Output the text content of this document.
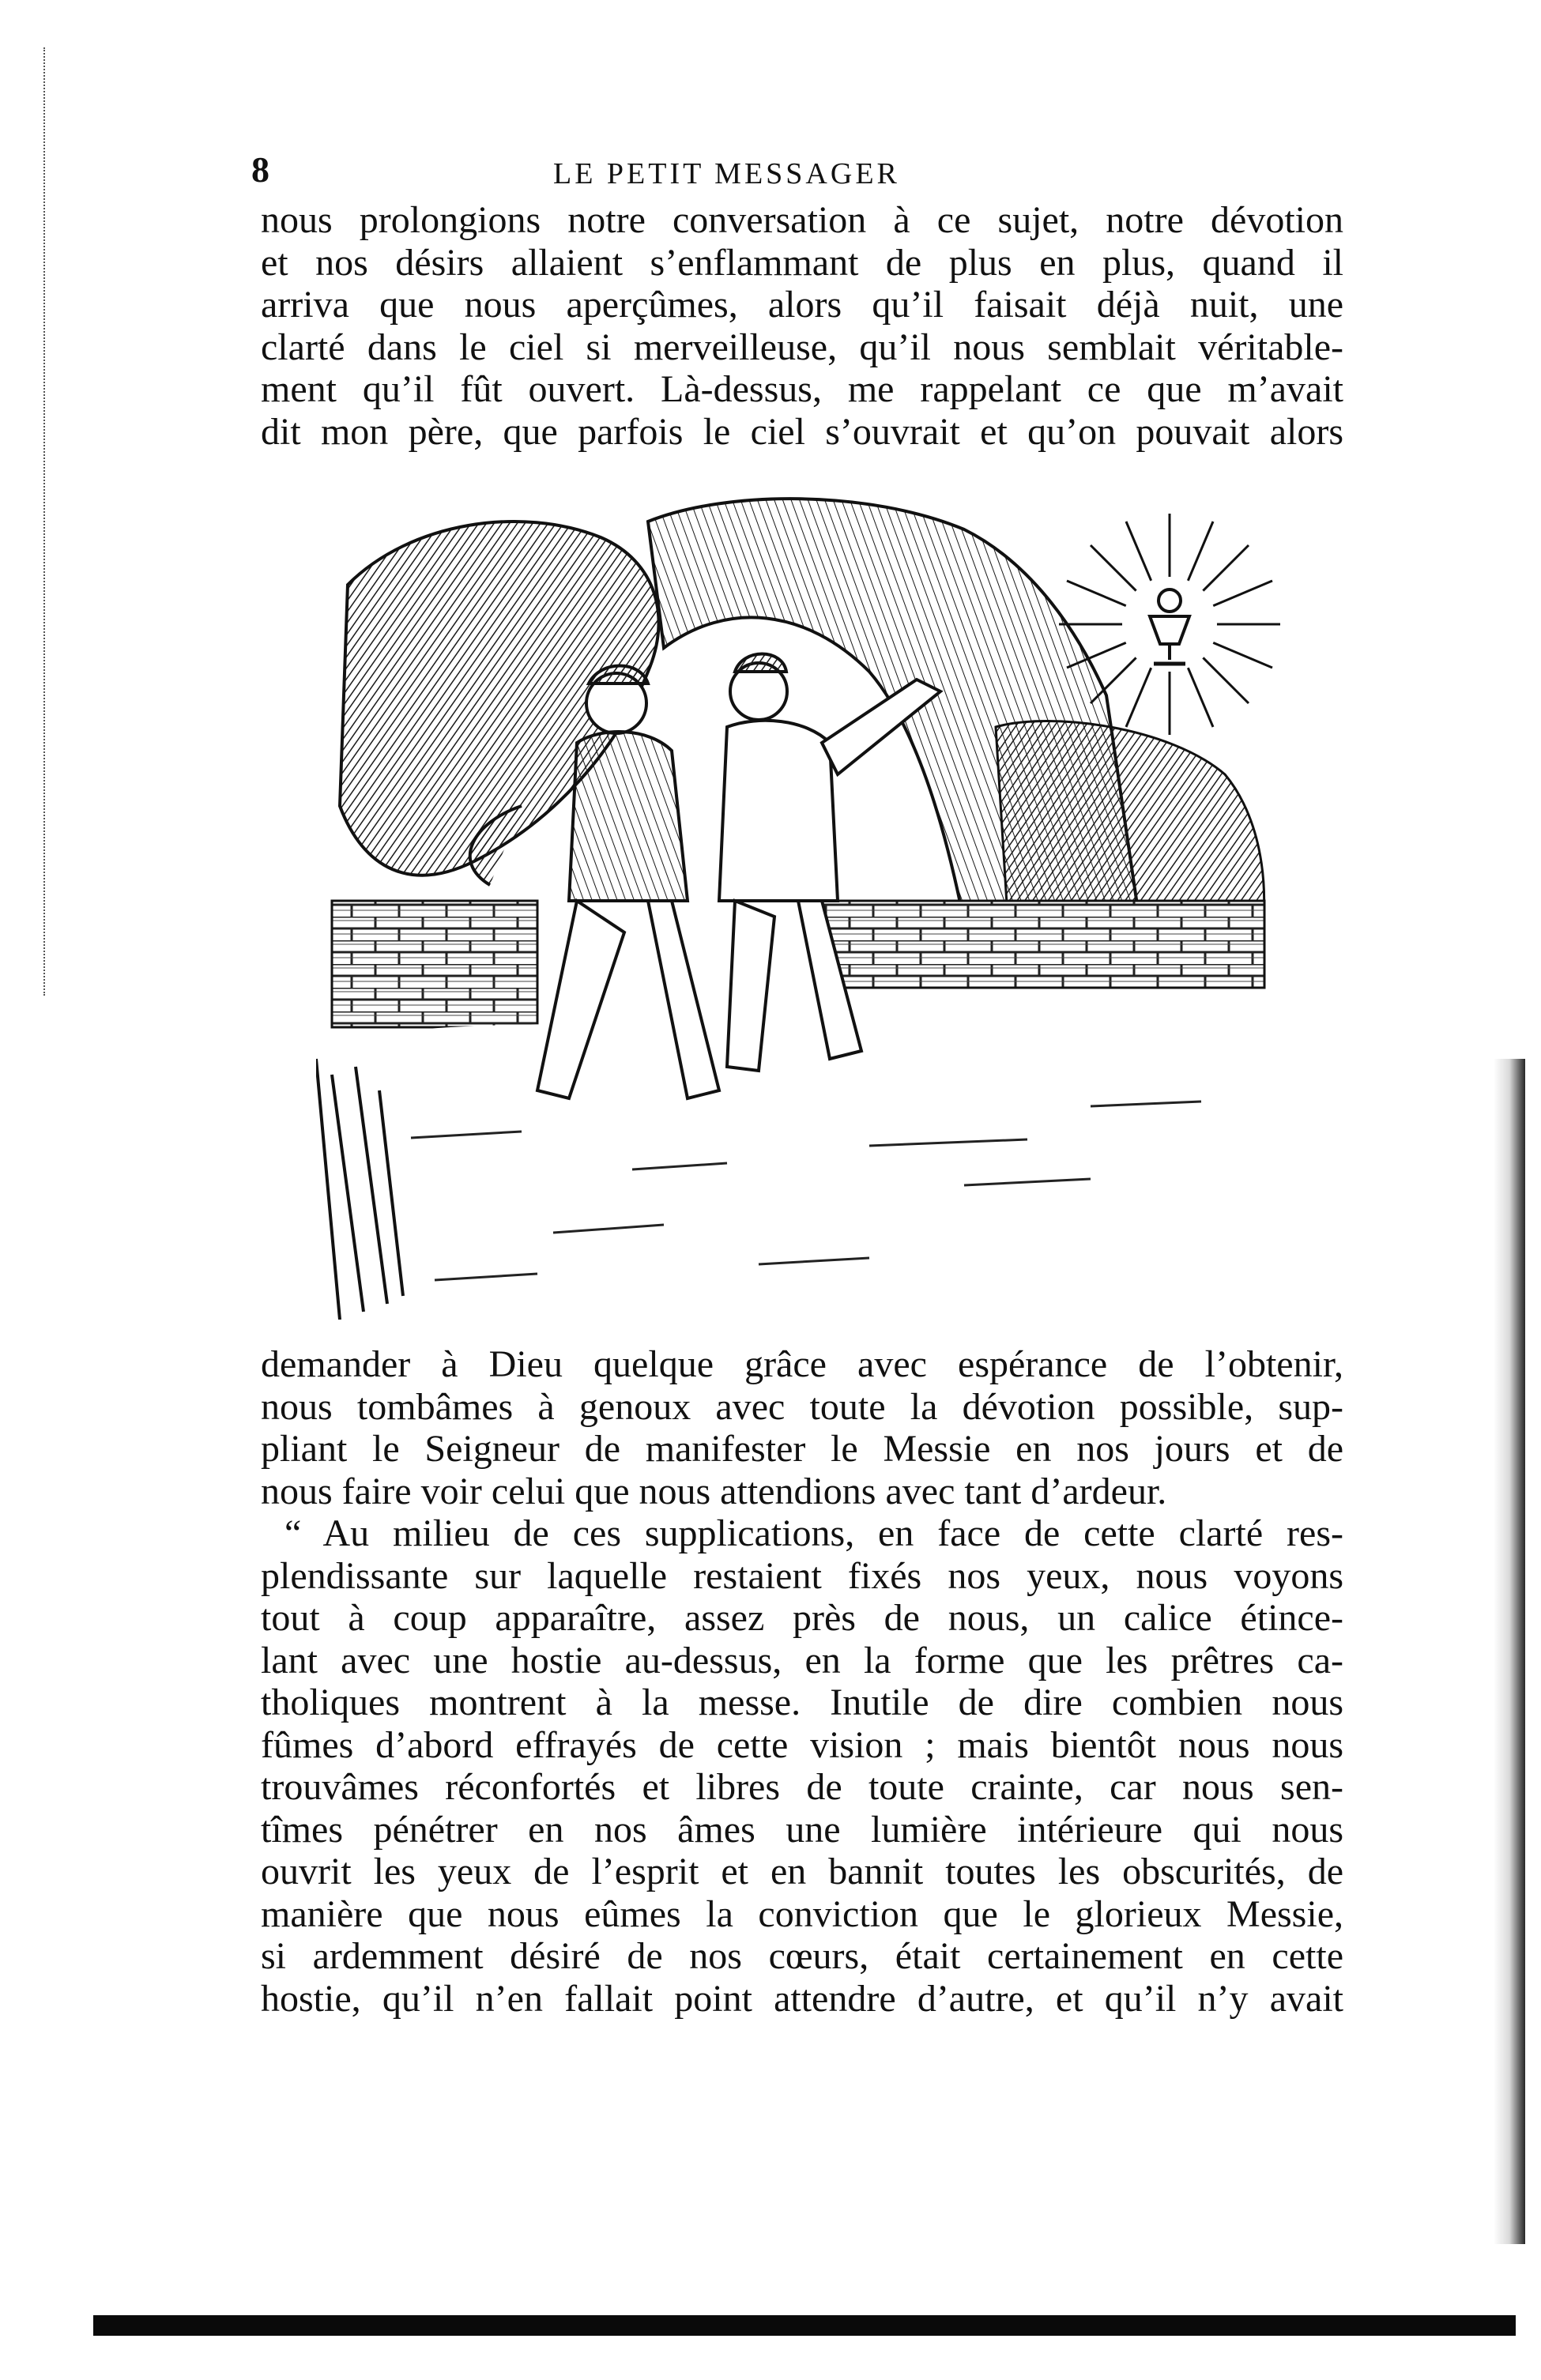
8	LE PETIT MESSAGER
nous prolongions notre conversation à ce sujet, notre dévotion
et nos désirs allaient s’enflammant de plus en plus, quand il
arriva que nous aperçûmes, alors qu’il faisait déjà nuit, une
clarté dans le ciel si merveilleuse, qu’il nous semblait véritable-
ment qu’il fût ouvert. Là-dessus, me rappelant ce que m’avait
dit mon père, que parfois le ciel s’ouvrait et qu’on pouvait alors
demander à Dieu quelque grâce avec espérance de l’obtenir,
nous tombâmes à genoux avec toute la dévotion possible, sup-
pliant le Seigneur de manifester le Messie en nos jours et de
nous faire voir celui que nous attendions avec tant d’ardeur.
“ Au milieu de ces supplications, en face de cette clarté res-
plendissante sur laquelle restaient fixés nos yeux, nous voyons
tout à coup apparaître, assez près de nous, un calice étince-
lant avec une hostie au-dessus, en la forme que les prêtres ca-
tholiques montrent à la messe. Inutile de dire combien nous
fûmes d’abord effrayés de cette vision ; mais bientôt nous nous
trouvâmes réconfortés et libres de toute crainte, car nous sen-
tîmes pénétrer en nos âmes une lumière intérieure qui nous
ouvrit les yeux de l’esprit et en bannit toutes les obscurités, de
manière que nous eûmes la conviction que le glorieux Messie,
si ardemment désiré de nos cœurs, était certainement en cette
hostie, qu’il n’en fallait point attendre d’autre, et qu’il n’y avait
